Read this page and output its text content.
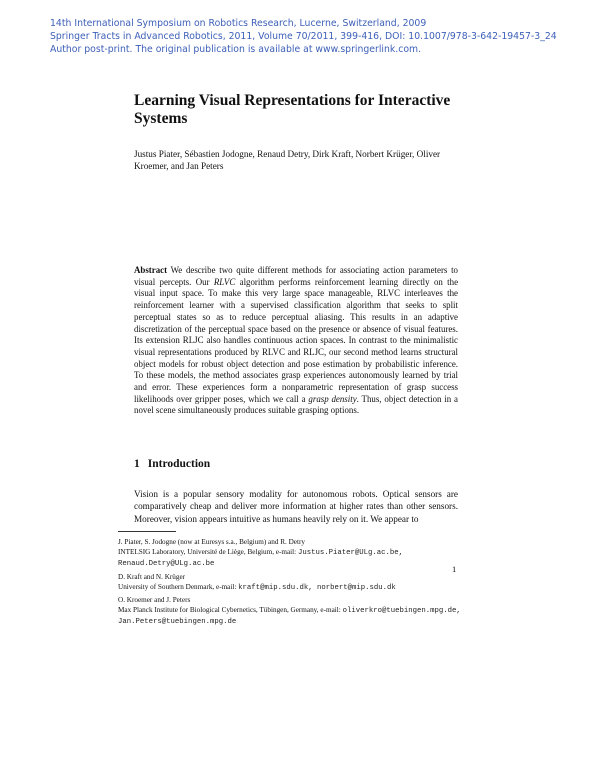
14th International Symposium on Robotics Research, Lucerne, Switzerland, 2009
Springer Tracts in Advanced Robotics, 2011, Volume 70/2011, 399-416, DOI: 10.1007/978-3-642-19457-3_24
Author post-print. The original publication is available at www.springerlink.com.
Learning Visual Representations for Interactive Systems
Justus Piater, Sébastien Jodogne, Renaud Detry, Dirk Kraft, Norbert Krüger, Oliver Kroemer, and Jan Peters

Abstract We describe two quite different methods for associating action parameters to visual percepts. Our RLVC algorithm performs reinforcement learning directly on the visual input space. To make this very large space manageable, RLVC interleaves the reinforcement learner with a supervised classification algorithm that seeks to split perceptual states so as to reduce perceptual aliasing. This results in an adaptive discretization of the perceptual space based on the presence or absence of visual features. Its extension RLJC also handles continuous action spaces. In contrast to the minimalistic visual representations produced by RLVC and RLJC, our second method learns structural object models for robust object detection and pose estimation by probabilistic inference. To these models, the method associates grasp experiences autonomously learned by trial and error. These experiences form a nonparametric representation of grasp success likelihoods over gripper poses, which we call a grasp density. Thus, object detection in a novel scene simultaneously produces suitable grasping options.

1 Introduction

Vision is a popular sensory modality for autonomous robots. Optical sensors are comparatively cheap and deliver more information at higher rates than other sensors. Moreover, vision appears intuitive as humans heavily rely on it. We appear to

J. Piater, S. Jodogne (now at Euresys s.a., Belgium) and R. Detry
INTELSIG Laboratory, Université de Liège, Belgium, e-mail: Justus.Piater@ULg.ac.be, Renaud.Detry@ULg.ac.be
D. Kraft and N. Krüger
University of Southern Denmark, e-mail: kraft@mip.sdu.dk, norbert@mip.sdu.dk
O. Kroemer and J. Peters
Max Planck Institute for Biological Cybernetics, Tübingen, Germany, e-mail: oliverkro@tuebingen.mpg.de, Jan.Peters@tuebingen.mpg.de
1
